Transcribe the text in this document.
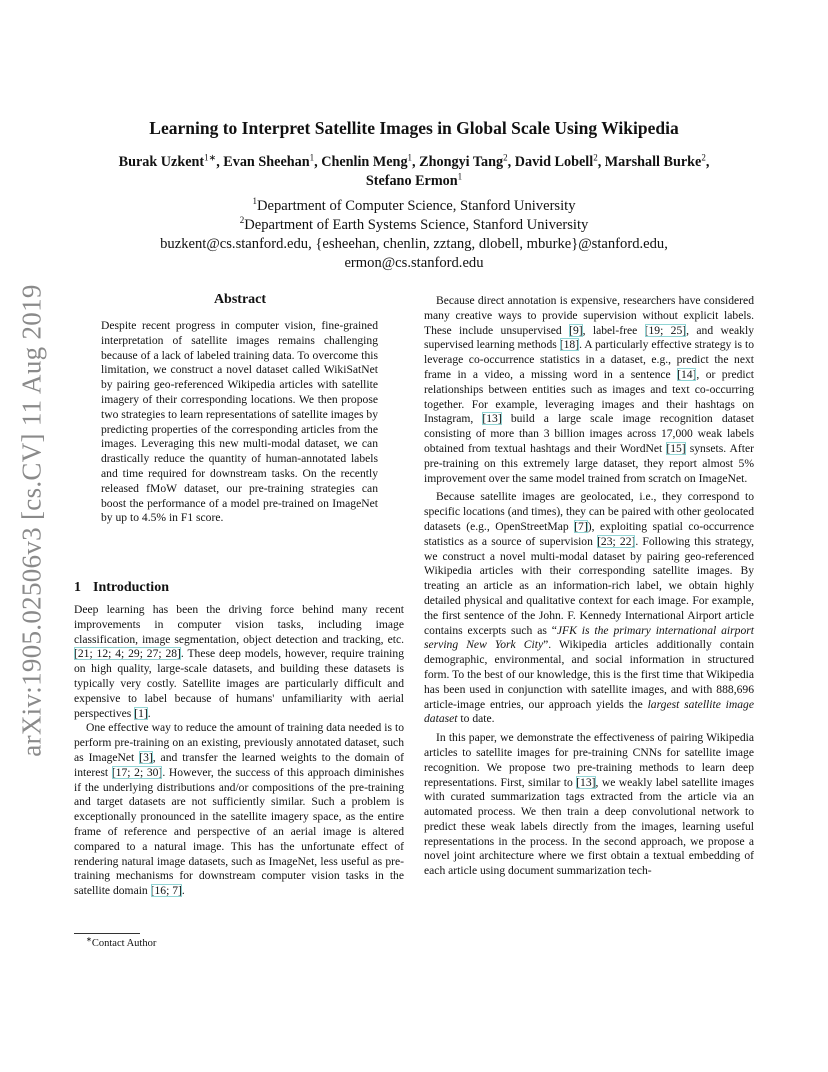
arXiv:1905.02506v3 [cs.CV] 11 Aug 2019
Learning to Interpret Satellite Images in Global Scale Using Wikipedia
Burak Uzkent$^{1∗}$, Evan Sheehan$^1$, Chenlin Meng$^1$, Zhongyi Tang$^2$, David Lobell$^2$, Marshall Burke$^2$,
Stefano Ermon$^1$
$^1$Department of Computer Science, Stanford University
$^2$Department of Earth Systems Science, Stanford University
buzkent@cs.stanford.edu, {esheehan, chenlin, zztang, dlobell, mburke}@stanford.edu,
ermon@cs.stanford.edu
Abstract

Despite recent progress in computer vision, fine-grained interpretation of satellite images remains challenging because of a lack of labeled training data. To overcome this limitation, we construct a novel dataset called WikiSatNet by pairing geo-referenced Wikipedia articles with satellite imagery of their corresponding locations. We then propose two strategies to learn representations of satellite images by predicting properties of the corresponding articles from the images. Leveraging this new multi-modal dataset, we can drastically reduce the quantity of human-annotated labels and time required for downstream tasks. On the recently released fMoW dataset, our pre-training strategies can boost the performance of a model pre-trained on ImageNet by up to 4.5% in F1 score.

1 Introduction

Deep learning has been the driving force behind many recent improvements in computer vision tasks, including image classification, image segmentation, object detection and tracking, etc. [21; 12; 4; 29; 27; 28]. These deep models, however, require training on high quality, large-scale datasets, and building these datasets is typically very costly. Satellite images are particularly difficult and expensive to label because of humans' unfamiliarity with aerial perspectives [1].

One effective way to reduce the amount of training data needed is to perform pre-training on an existing, previously annotated dataset, such as ImageNet [3], and transfer the learned weights to the domain of interest [17; 2; 30]. However, the success of this approach diminishes if the underlying distributions and/or compositions of the pre-training and target datasets are not sufficiently similar. Such a problem is exceptionally pronounced in the satellite imagery space, as the entire frame of reference and perspective of an aerial image is altered compared to a natural image. This has the unfortunate effect of rendering natural image datasets, such as ImageNet, less useful as pre-training mechanisms for downstream computer vision tasks in the satellite domain [16; 7].

Because direct annotation is expensive, researchers have considered many creative ways to provide supervision without explicit labels. These include unsupervised [9], label-free [19; 25], and weakly supervised learning methods [18]. A particularly effective strategy is to leverage co-occurrence statistics in a dataset, e.g., predict the next frame in a video, a missing word in a sentence [14], or predict relationships between entities such as images and text co-occurring together. For example, leveraging images and their hashtags on Instagram, [13] build a large scale image recognition dataset consisting of more than 3 billion images across 17,000 weak labels obtained from textual hashtags and their WordNet [15] synsets. After pre-training on this extremely large dataset, they report almost 5% improvement over the same model trained from scratch on ImageNet.

Because satellite images are geolocated, i.e., they correspond to specific locations (and times), they can be paired with other geolocated datasets (e.g., OpenStreetMap [7]), exploiting spatial co-occurrence statistics as a source of supervision [23; 22]. Following this strategy, we construct a novel multi-modal dataset by pairing geo-referenced Wikipedia articles with their corresponding satellite images. By treating an article as an information-rich label, we obtain highly detailed physical and qualitative context for each image. For example, the first sentence of the John. F. Kennedy International Airport article contains excerpts such as “JFK is the primary international airport serving New York City”. Wikipedia articles additionally contain demographic, environmental, and social information in structured form. To the best of our knowledge, this is the first time that Wikipedia has been used in conjunction with satellite images, and with 888,696 article-image entries, our approach yields the largest satellite image dataset to date.

In this paper, we demonstrate the effectiveness of pairing Wikipedia articles to satellite images for pre-training CNNs for satellite image recognition. We propose two pre-training methods to learn deep representations. First, similar to [13], we weakly label satellite images with curated summarization tags extracted from the article via an automated process. We then train a deep convolutional network to predict these weak labels directly from the images, learning useful representations in the process. In the second approach, we propose a novel joint architecture where we first obtain a textual embedding of each article using document summarization tech-

∗Contact Author
